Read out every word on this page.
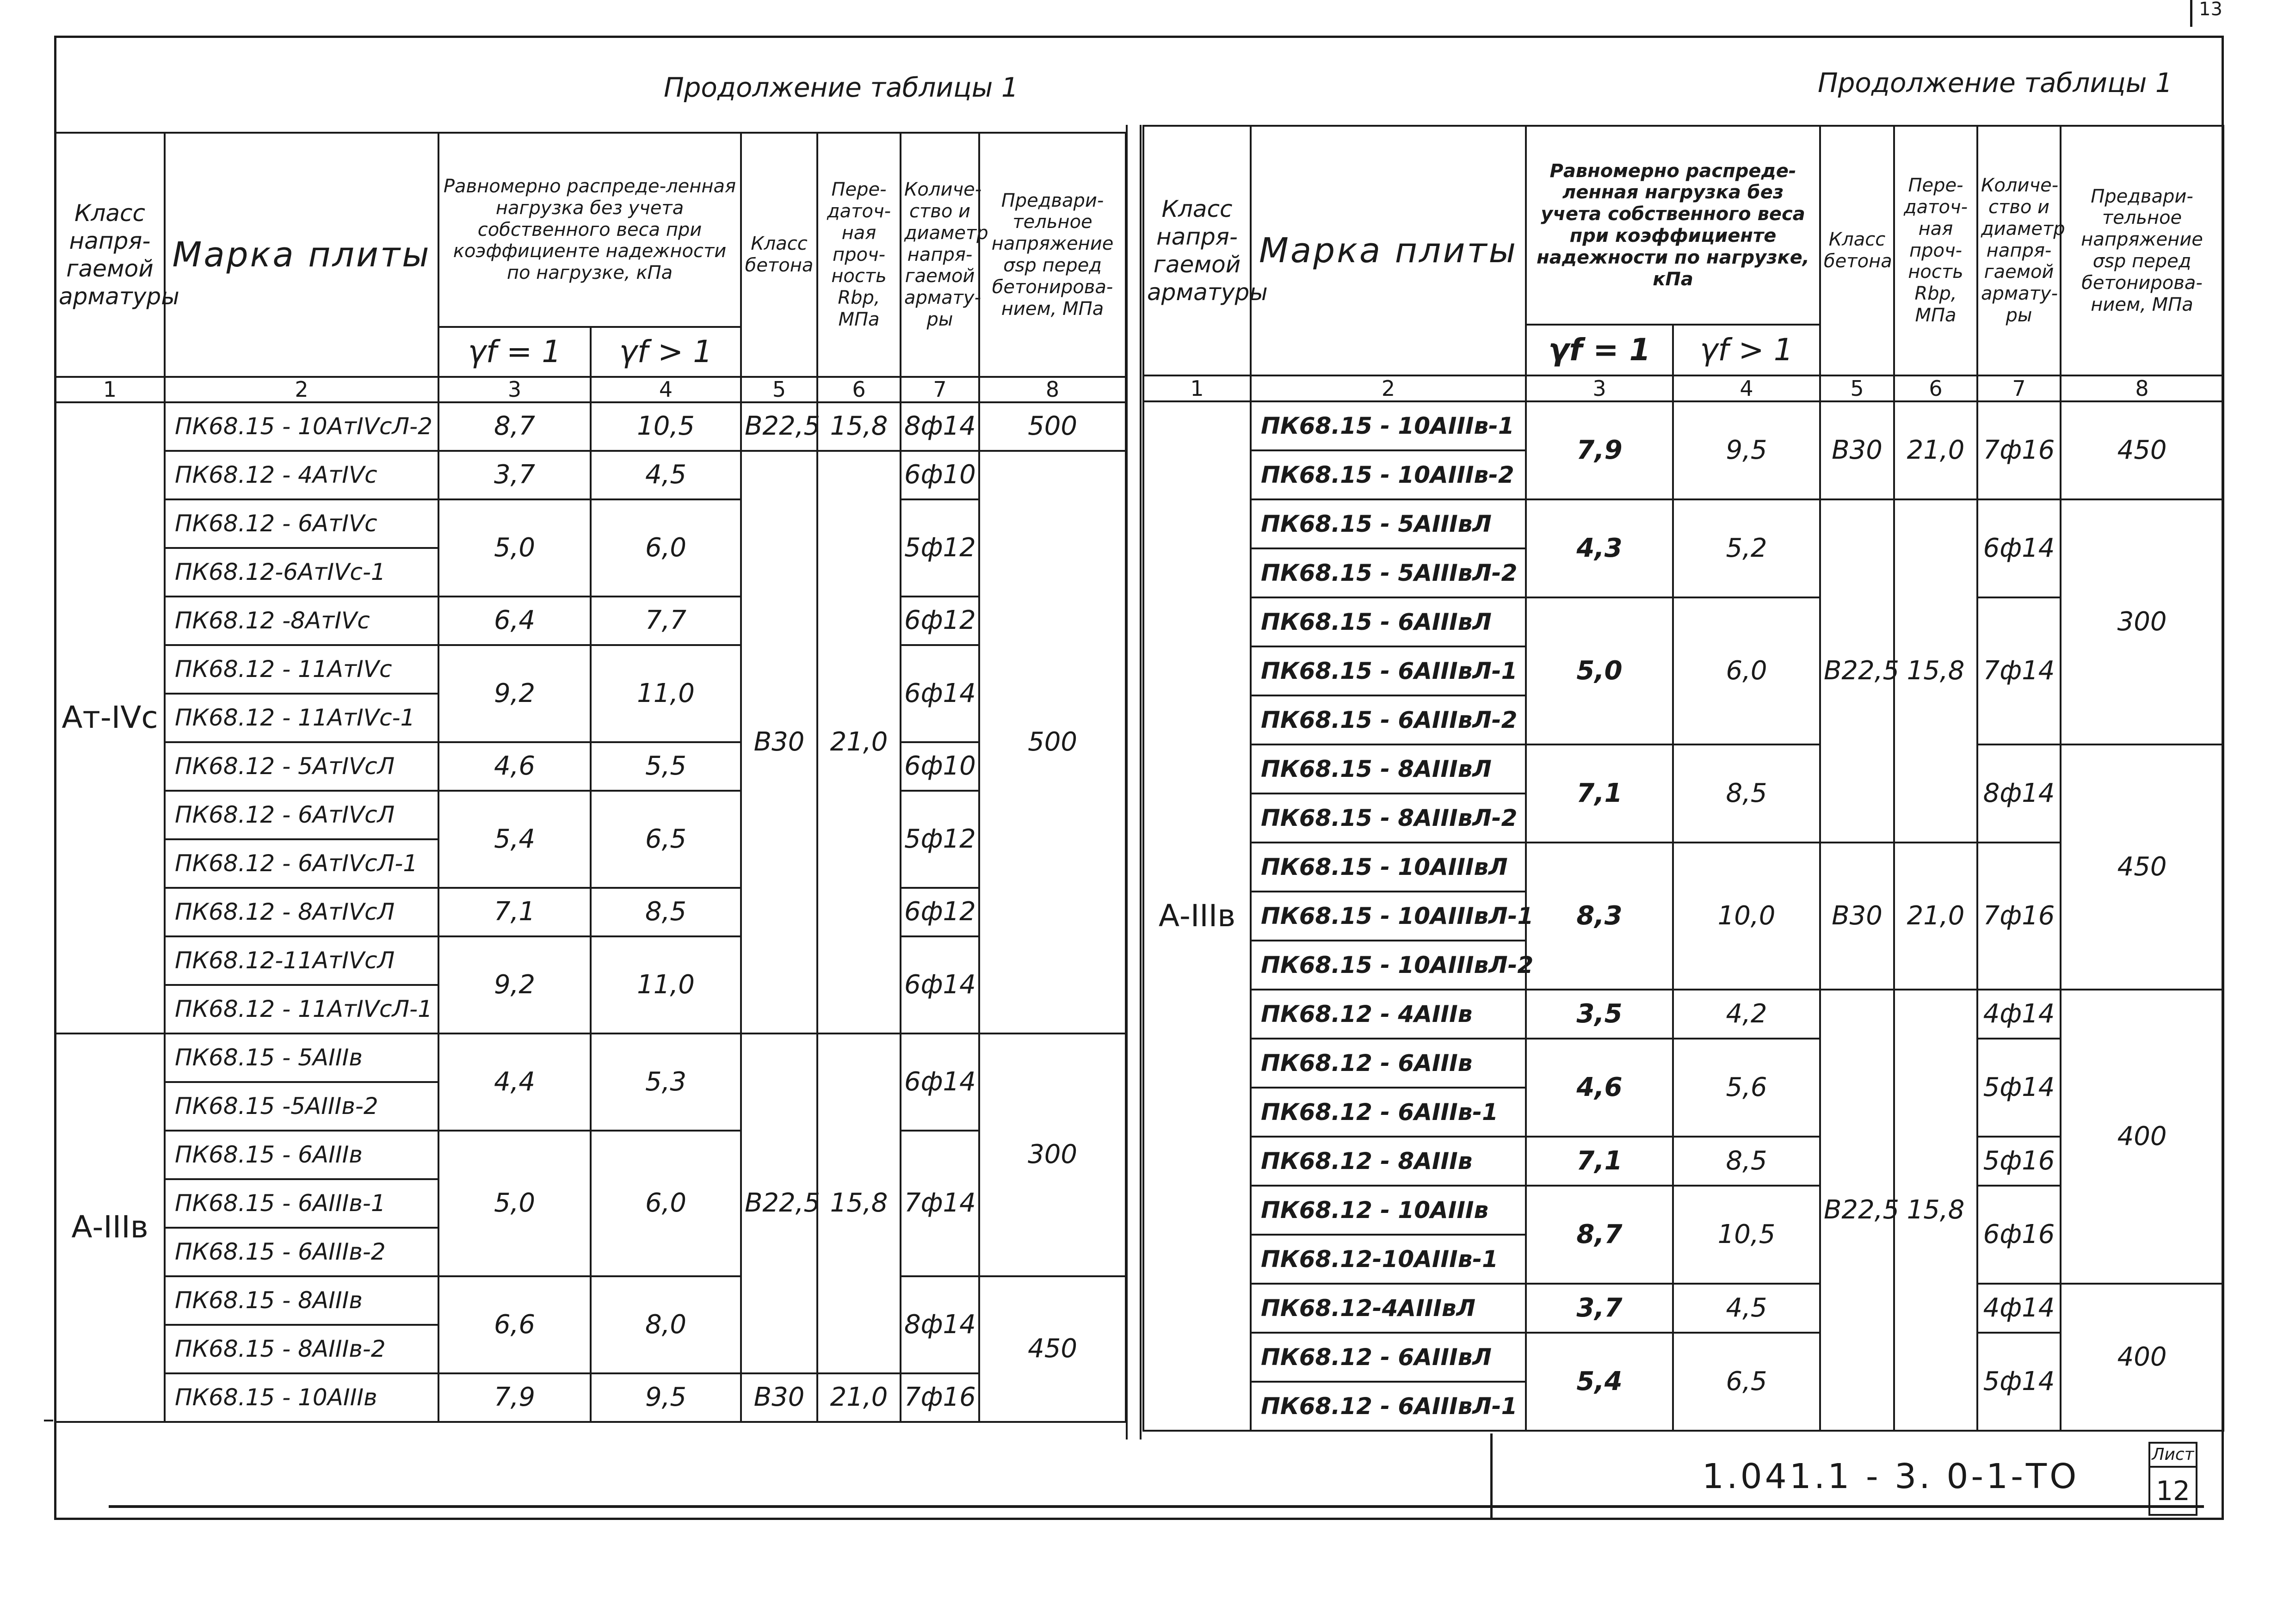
13
Продолжение таблицы 1	Продолжение таблицы 1
Класс напря-гаемой арматуры	Марка плиты	Равномерно распреде-ленная нагрузка без учета собственного веса при коэффициенте надежности по нагрузке, кПа		Класс бетона	Пере-даточ-ная проч-ность Rbp, МПа	Количе-ство и диаметр напря-гаемой армату-ры	Предвари-тельное напряжение σsp перед бетонирова-нием, МПа
		γf = 1	γf > 1				
1	2	3	4	5	6	7	8
Ат-IVс	ПК68.15 - 10АтIVсЛ-2	8,7	10,5	В22,5	15,8	8ф14	500
	ПК68.12 - 4АтIVс	3,7	4,5	В30	21,0	6ф10	500
	ПК68.12 - 6АтIVс	5,0	6,0			5ф12	
	ПК68.12-6АтIVс-1						
	ПК68.12 -8АтIVс	6,4	7,7			6ф12	
	ПК68.12 - 11АтIVс	9,2	11,0			6ф14	
	ПК68.12 - 11АтIVс-1						
	ПК68.12 - 5АтIVсЛ	4,6	5,5			6ф10	
	ПК68.12 - 6АтIVсЛ	5,4	6,5			5ф12	
	ПК68.12 - 6АтIVсЛ-1						
	ПК68.12 - 8АтIVсЛ	7,1	8,5			6ф12	
	ПК68.12-11АтIVсЛ	9,2	11,0			6ф14	
	ПК68.12 - 11АтIVсЛ-1						
А-IIIв	ПК68.15 - 5АIIIв	4,4	5,3	В22,5	15,8	6ф14	300
	ПК68.15 -5АIIIв-2						
	ПК68.15 - 6АIIIв	5,0	6,0			7ф14	
	ПК68.15 - 6АIIIв-1						
	ПК68.15 - 6АIIIв-2						
	ПК68.15 - 8АIIIв	6,6	8,0			8ф14	450
	ПК68.15 - 8АIIIв-2						
	ПК68.15 - 10АIIIв	7,9	9,5	В30	21,0	7ф16	
Класс напря-гаемой арматуры	Марка плиты	Равномерно распреде-ленная нагрузка без учета собственного веса при коэффициенте надежности по нагрузке, кПа		Класс бетона	Пере-даточ-ная проч-ность Rbp, МПа	Количе-ство и диаметр напря-гаемой армату-ры	Предвари-тельное напряжение σsp перед бетонирова-нием, МПа
		γf = 1	γf > 1				
1	2	3	4	5	6	7	8
А-IIIв	ПК68.15 - 10АIIIв-1	7,9	9,5	В30	21,0	7ф16	450
	ПК68.15 - 10АIIIв-2						
	ПК68.15 - 5АIIIвЛ	4,3	5,2	В22,5	15,8	6ф14	300
	ПК68.15 - 5АIIIвЛ-2						
	ПК68.15 - 6АIIIвЛ	5,0	6,0			7ф14	
	ПК68.15 - 6АIIIвЛ-1						
	ПК68.15 - 6АIIIвЛ-2						
	ПК68.15 - 8АIIIвЛ	7,1	8,5			8ф14	450
	ПК68.15 - 8АIIIвЛ-2						
	ПК68.15 - 10АIIIвЛ	8,3	10,0	В30	21,0	7ф16	
	ПК68.15 - 10АIIIвЛ-1						
	ПК68.15 - 10АIIIвЛ-2						
	ПК68.12 - 4АIIIв	3,5	4,2	В22,5	15,8	4ф14	400
	ПК68.12 - 6АIIIв	4,6	5,6			5ф14	
	ПК68.12 - 6АIIIв-1						
	ПК68.12 - 8АIIIв	7,1	8,5			5ф16	
	ПК68.12 - 10АIIIв	8,7	10,5			6ф16	
	ПК68.12-10АIIIв-1						
	ПК68.12-4АIIIвЛ	3,7	4,5			4ф14	400
	ПК68.12 - 6АIIIвЛ	5,4	6,5			5ф14	
	ПК68.12 - 6АIIIвЛ-1						
1.041.1 - 3. 0-1-ТО
Лист
12
